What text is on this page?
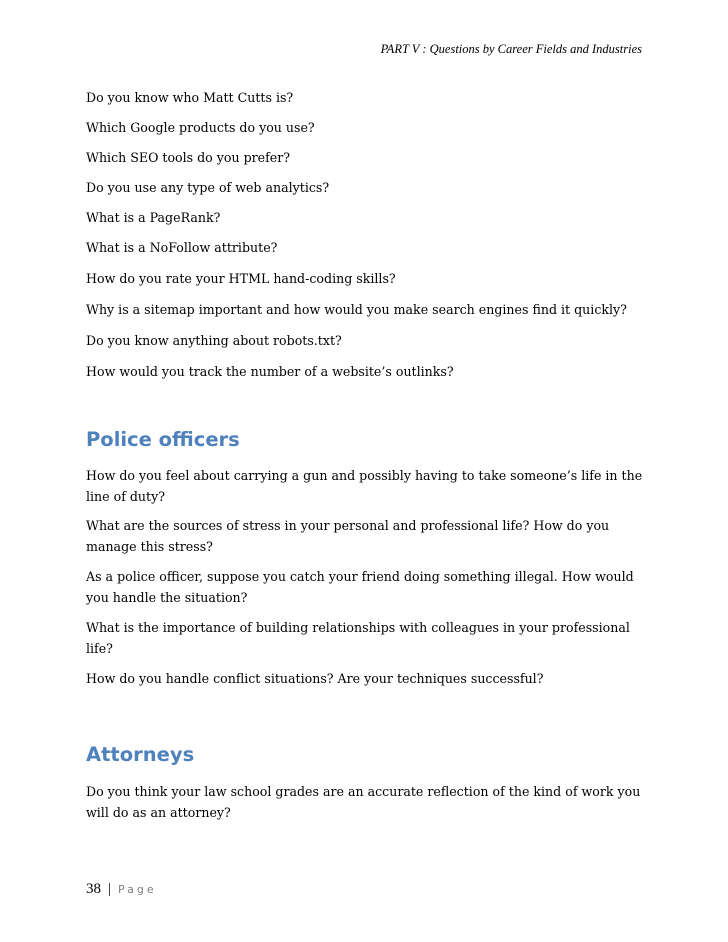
PART V : Questions by Career Fields and Industries

Do you know who Matt Cutts is?

Which Google products do you use?

Which SEO tools do you prefer?

Do you use any type of web analytics?

What is a PageRank?

What is a NoFollow attribute?

How do you rate your HTML hand-coding skills?

Why is a sitemap important and how would you make search engines find it quickly?

Do you know anything about robots.txt?

How would you track the number of a website’s outlinks?

Police officers

How do you feel about carrying a gun and possibly having to take someone’s life in the line of duty?

What are the sources of stress in your personal and professional life? How do you manage this stress?

As a police officer, suppose you catch your friend doing something illegal. How would you handle the situation?

What is the importance of building relationships with colleagues in your professional life?

How do you handle conflict situations? Are your techniques successful?

Attorneys

Do you think your law school grades are an accurate reflection of the kind of work you will do as an attorney?

38 | Page
